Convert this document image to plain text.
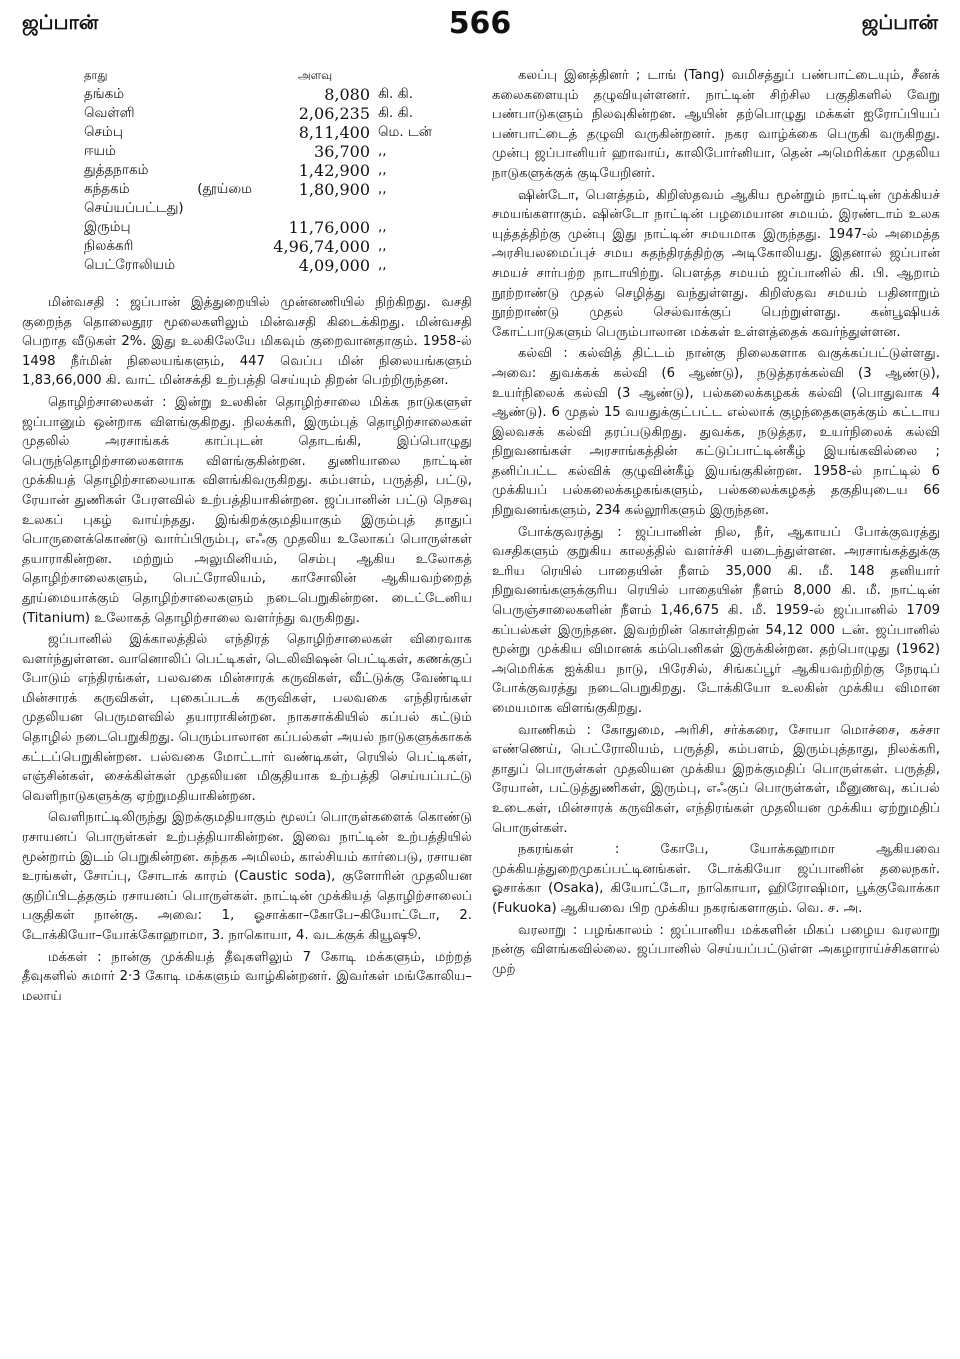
ஜப்பான்	566	ஜப்பான்
தாது	அளவு	
தங்கம்	8,080	கி. கி.
வெள்ளி	2,06,235	கி. கி.
செம்பு	8,11,400	மெ. டன்
ஈயம்	36,700	,,
துத்தநாகம்	1,42,900	,,
கந்தகம் (தூய்மை செய்யப்பட்டது)	1,80,900	,,
இரும்பு	11,76,000	,,
நிலக்கரி	4,96,74,000	,,
பெட்ரோலியம்	4,09,000	,,

மின்வசதி : ஜப்பான் இத்துறையில் முன்னணியில் நிற்கிறது. வசதி குறைந்த தொலைதூர மூலைகளிலும் மின்வசதி கிடைக்கிறது. மின்வசதி பெறாத வீடுகள் 2%. இது உலகிலேயே மிகவும் குறைவானதாகும். 1958-ல் 1498 நீர்மின் நிலையங்களும், 447 வெப்ப மின் நிலையங்களும் 1,83,66,000 கி. வாட் மின்சக்தி உற்பத்தி செய்யும் திறன் பெற்றிருந்தன.

தொழிற்சாலைகள் : இன்று உலகின் தொழிற்சாலை மிக்க நாடுகளுள் ஜப்பானும் ஒன்றாக விளங்குகிறது. நிலக்கரி, இரும்புத் தொழிற்சாலைகள் முதலில் அரசாங்கக் காப்புடன் தொடங்கி, இப்பொழுது பெருந்தொழிற்சாலைகளாக விளங்குகின்றன. துணியாலை நாட்டின் முக்கியத் தொழிற்சாலையாக விளங்கிவருகிறது. கம்பளம், பருத்தி, பட்டு, ரேயான் துணிகள் பேரளவில் உற்பத்தியாகின்றன. ஜப்பானின் பட்டு நெசவு உலகப் புகழ் வாய்ந்தது. இங்கிறக்குமதியாகும் இரும்புத் தாதுப் பொருளைக்கொண்டு வார்ப்பிரும்பு, எஃகு முதலிய உலோகப் பொருள்கள் தயாராகின்றன. மற்றும் அலுமினியம், செம்பு ஆகிய உலோகத் தொழிற்சாலைகளும், பெட்ரோலியம், காசோலின் ஆகியவற்றைத் தூய்மையாக்கும் தொழிற்சாலைகளும் நடைபெறுகின்றன. டைட்டேனிய (Titanium) உலோகத் தொழிற்சாலை வளர்ந்து வருகிறது.

ஜப்பானில் இக்காலத்தில் எந்திரத் தொழிற்சாலைகள் விரைவாக வளர்ந்துள்ளன. வானொலிப் பெட்டிகள், டெலிவிஷன் பெட்டிகள், கணக்குப் போடும் எந்திரங்கள், பலவகை மின்சாரக் கருவிகள், வீட்டுக்கு வேண்டிய மின்சாரக் கருவிகள், புகைப்படக் கருவிகள், பலவகை எந்திரங்கள் முதலியன பெருமளவில் தயாராகின்றன. நாகசாக்கியில் கப்பல் கட்டும் தொழில் நடைபெறுகிறது. பெரும்பாலான கப்பல்கள் அயல் நாடுகளுக்காகக் கட்டப்பெறுகின்றன. பல்வகை மோட்டார் வண்டிகள், ரெயில் பெட்டிகள், எஞ்சின்கள், சைக்கிள்கள் முதலியன மிகுதியாக உற்பத்தி செய்யப்பட்டு வெளிநாடுகளுக்கு ஏற்றுமதியாகின்றன.

வெளிநாட்டிலிருந்து இறக்குமதியாகும் மூலப் பொருள்களைக் கொண்டு ரசாயனப் பொருள்கள் உற்பத்தியாகின்றன. இவை நாட்டின் உற்பத்தியில் மூன்றாம் இடம் பெறுகின்றன. கந்தக அமிலம், கால்சியம் கார்பைடு, ரசாயன உரங்கள், சோப்பு, சோடாக் காரம் (Caustic soda), குளோரின் முதலியன குறிப்பிடத்தகும் ரசாயனப் பொருள்கள். நாட்டின் முக்கியத் தொழிற்சாலைப் பகுதிகள் நான்கு. அவை: 1, ஓசாக்கா–கோபே–கியோட்டோ, 2. டோக்கியோ–யோக்கோஹாமா, 3. நாகொயா, 4. வடக்குக் கியூஷூ.

மக்கள் : நான்கு முக்கியத் தீவுகளிலும் 7 கோடி மக்களும், மற்றத் தீவுகளில் சுமார் 2·3 கோடி மக்களும் வாழ்கின்றனர். இவர்கள் மங்கோலிய–மலாய்

கலப்பு இனத்தினர் ; டாங் (Tang) வமிசத்துப் பண்பாட்டையும், சீனக் கலைகளையும் தழுவியுள்ளனர். நாட்டின் சிற்சில பகுதிகளில் வேறு பண்பாடுகளும் நிலவுகின்றன. ஆயின் தற்பொழுது மக்கள் ஐரோப்பியப் பண்பாட்டைத் தழுவி வருகின்றனர். நகர வாழ்க்கை பெருகி வருகிறது. முன்பு ஜப்பானியர் ஹாவாய், காலிபோர்னியா, தென் அமெரிக்கா முதலிய நாடுகளுக்குக் குடியேறினர்.

ஷின்டோ, பௌத்தம், கிறிஸ்தவம் ஆகிய மூன்றும் நாட்டின் முக்கியச் சமயங்களாகும். ஷின்டோ நாட்டின் பழமையான சமயம். இரண்டாம் உலக யுத்தத்திற்கு முன்பு இது நாட்டின் சமயமாக இருந்தது. 1947-ல் அமைத்த அரசியலமைப்புச் சமய சுதந்திரத்திற்கு அடிகோலியது. இதனால் ஜப்பான் சமயச் சார்பற்ற நாடாயிற்று. பௌத்த சமயம் ஜப்பானில் கி. பி. ஆறாம் நூற்றாண்டு முதல் செழித்து வந்துள்ளது. கிறிஸ்தவ சமயம் பதினாறும் நூற்றாண்டு முதல் செல்வாக்குப் பெற்றுள்ளது. கன்பூஷியக் கோட்பாடுகளும் பெரும்பாலான மக்கள் உள்ளத்தைக் கவர்ந்துள்ளன.

கல்வி : கல்வித் திட்டம் நான்கு நிலைகளாக வகுக்கப்பட்டுள்ளது. அவை: துவக்கக் கல்வி (6 ஆண்டு), நடுத்தரக்கல்வி (3 ஆண்டு), உயர்நிலைக் கல்வி (3 ஆண்டு), பல்கலைக்கழகக் கல்வி (பொதுவாக 4 ஆண்டு). 6 முதல் 15 வயதுக்குட்பட்ட எல்லாக் குழந்தைகளுக்கும் கட்டாய இலவசக் கல்வி தரப்படுகிறது. துவக்க, நடுத்தர, உயர்நிலைக் கல்வி நிறுவனங்கள் அரசாங்கத்தின் கட்டுப்பாட்டின்கீழ் இயங்கவில்லை ; தனிப்பட்ட கல்விக் குழுவின்கீழ் இயங்குகின்றன. 1958-ல் நாட்டில் 6 முக்கியப் பல்கலைக்கழகங்களும், பல்கலைக்கழகத் தகுதியுடைய 66 நிறுவனங்களும், 234 கல்லூரிகளும் இருந்தன.

போக்குவரத்து : ஜப்பானின் நில, நீர், ஆகாயப் போக்குவரத்து வசதிகளும் குறுகிய காலத்தில் வளர்ச்சி யடைந்துள்ளன. அரசாங்கத்துக்கு உரிய ரெயில் பாதையின் நீளம் 35,000 கி. மீ. 148 தனியார் நிறுவனங்களுக்குரிய ரெயில் பாதையின் நீளம் 8,000 கி. மீ. நாட்டின் பெருஞ்சாலைகளின் நீளம் 1,46,675 கி. மீ. 1959-ல் ஜப்பானில் 1709 கப்பல்கள் இருந்தன. இவற்றின் கொள்திறன் 54,12 000 டன். ஜப்பானில் மூன்று முக்கிய விமானக் கம்பெனிகள் இருக்கின்றன. தற்பொழுது (1962) அமெரிக்க ஐக்கிய நாடு, பிரேசில், சிங்கப்பூர் ஆகியவற்றிற்கு நேரடிப் போக்குவரத்து நடைபெறுகிறது. டோக்கியோ உலகின் முக்கிய விமான மையமாக விளங்குகிறது.

வாணிகம் : கோதுமை, அரிசி, சர்க்கரை, சோயா மொச்சை, கச்சா எண்ணெய், பெட்ரோலியம், பருத்தி, கம்பளம், இரும்புத்தாது, நிலக்கரி, தாதுப் பொருள்கள் முதலியன முக்கிய இறக்குமதிப் பொருள்கள். பருத்தி, ரேயான், பட்டுத்துணிகள், இரும்பு, எஃகுப் பொருள்கள், மீனுணவு, கப்பல் உடைகள், மின்சாரக் கருவிகள், எந்திரங்கள் முதலியன முக்கிய ஏற்றுமதிப் பொருள்கள்.

நகரங்கள் : கோபே, யோக்கஹாமா ஆகியவை முக்கியத்துறைமுகப்பட்டினங்கள். டோக்கியோ ஜப்பானின் தலைநகர். ஓசாக்கா (Osaka), கியோட்டோ, நாகொயா, ஹிரோஷிமா, பூக்குவோக்கா (Fukuoka) ஆகியவை பிற முக்கிய நகரங்களாகும். வெ. ச. அ.

வரலாறு : பழங்காலம் : ஜப்பானிய மக்களின் மிகப் பழைய வரலாறு நன்கு விளங்கவில்லை. ஜப்பானில் செய்யப்பட்டுள்ள அகழாராய்ச்சிகளால் முற்
